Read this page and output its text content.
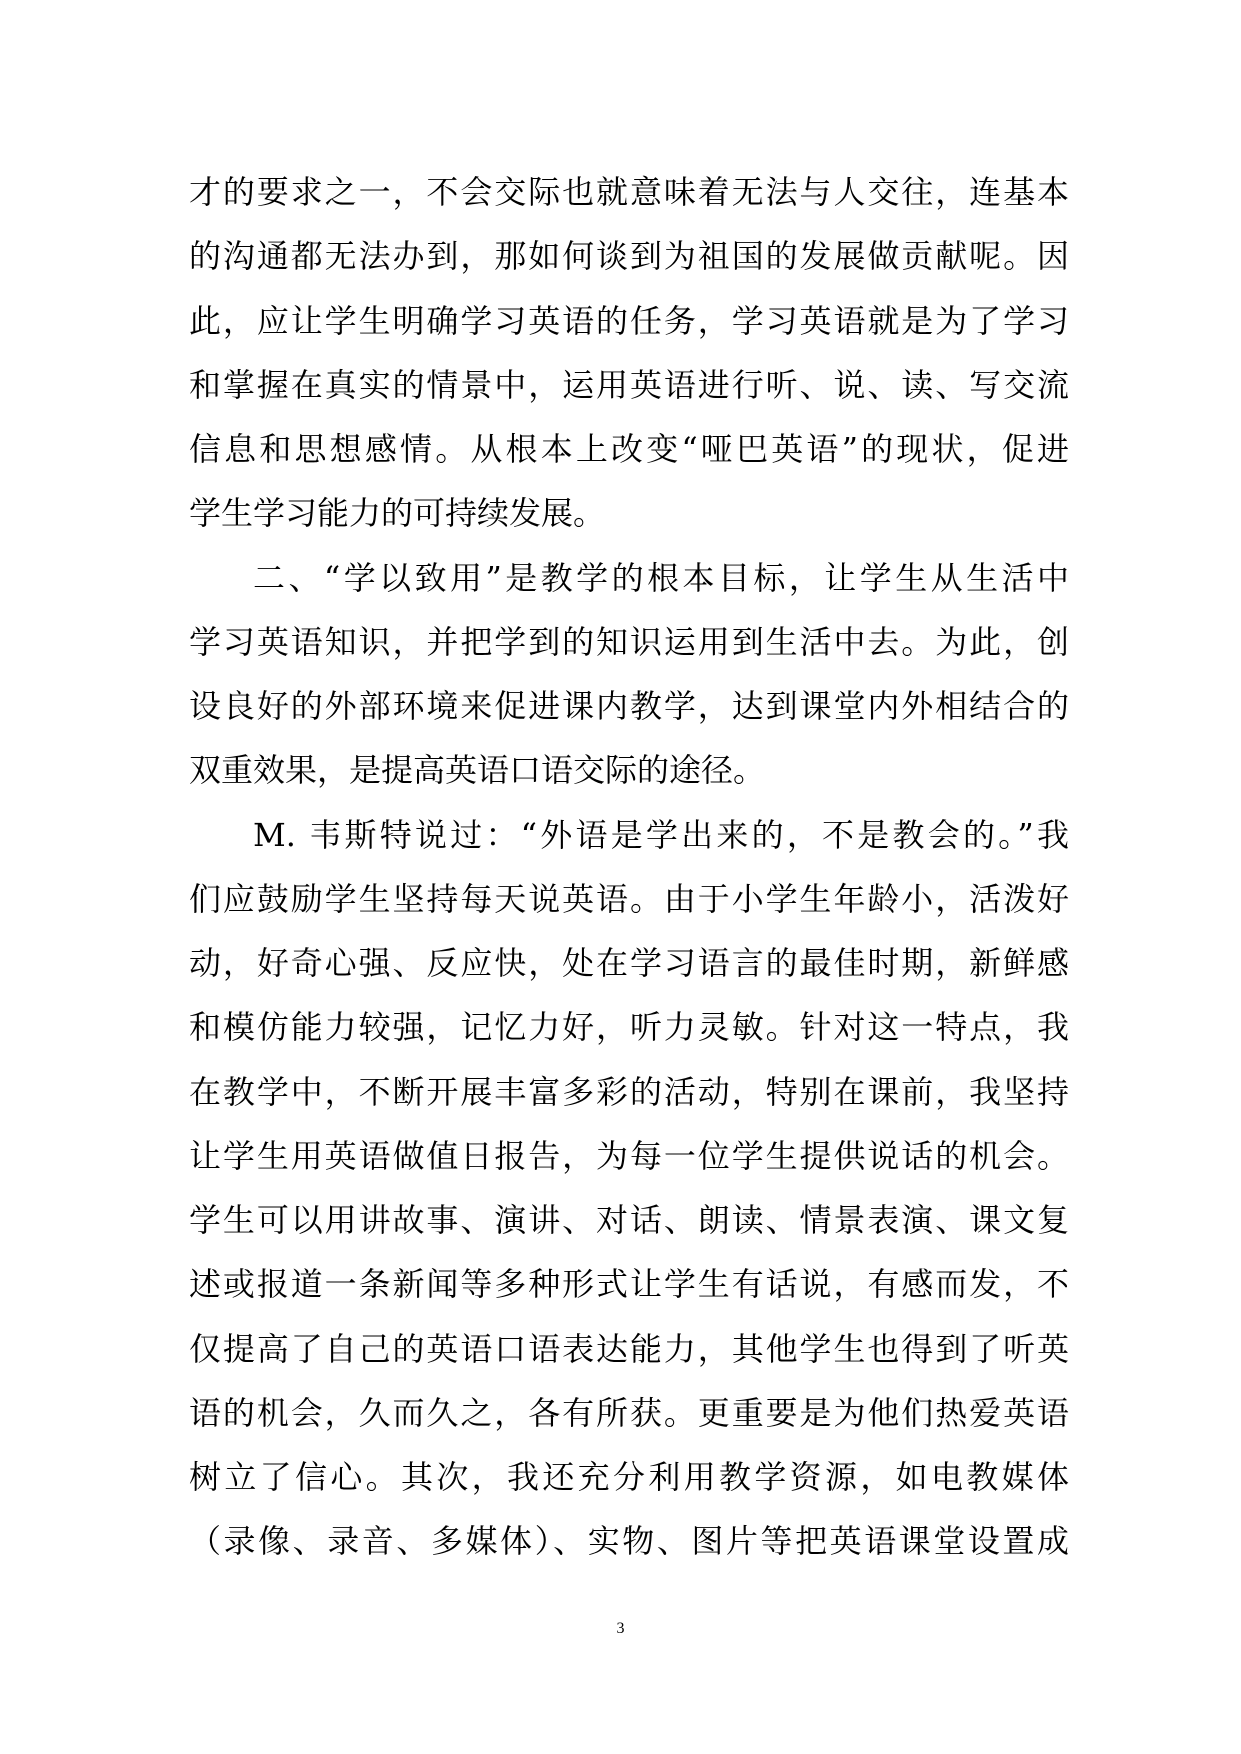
才的要求之一，不会交际也就意味着无法与人交往，连基本
的沟通都无法办到，那如何谈到为祖国的发展做贡献呢。因
此，应让学生明确学习英语的任务，学习英语就是为了学习
和掌握在真实的情景中，运用英语进行听、说、读、写交流
信息和思想感情。从根本上改变“哑巴英语”的现状，促进
学生学习能力的可持续发展。
二、“学以致用”是教学的根本目标，让学生从生活中
学习英语知识，并把学到的知识运用到生活中去。为此，创
设良好的外部环境来促进课内教学，达到课堂内外相结合的
双重效果，是提高英语口语交际的途径。
M. 韦斯特说过：“外语是学出来的，不是教会的。”我
们应鼓励学生坚持每天说英语。由于小学生年龄小，活泼好
动，好奇心强、反应快，处在学习语言的最佳时期，新鲜感
和模仿能力较强，记忆力好，听力灵敏。针对这一特点，我
在教学中，不断开展丰富多彩的活动，特别在课前，我坚持
让学生用英语做值日报告，为每一位学生提供说话的机会。
学生可以用讲故事、演讲、对话、朗读、情景表演、课文复
述或报道一条新闻等多种形式让学生有话说，有感而发，不
仅提高了自己的英语口语表达能力，其他学生也得到了听英
语的机会，久而久之，各有所获。更重要是为他们热爱英语
树立了信心。其次，我还充分利用教学资源，如电教媒体
（录像、录音、多媒体）、实物、图片等把英语课堂设置成
3
